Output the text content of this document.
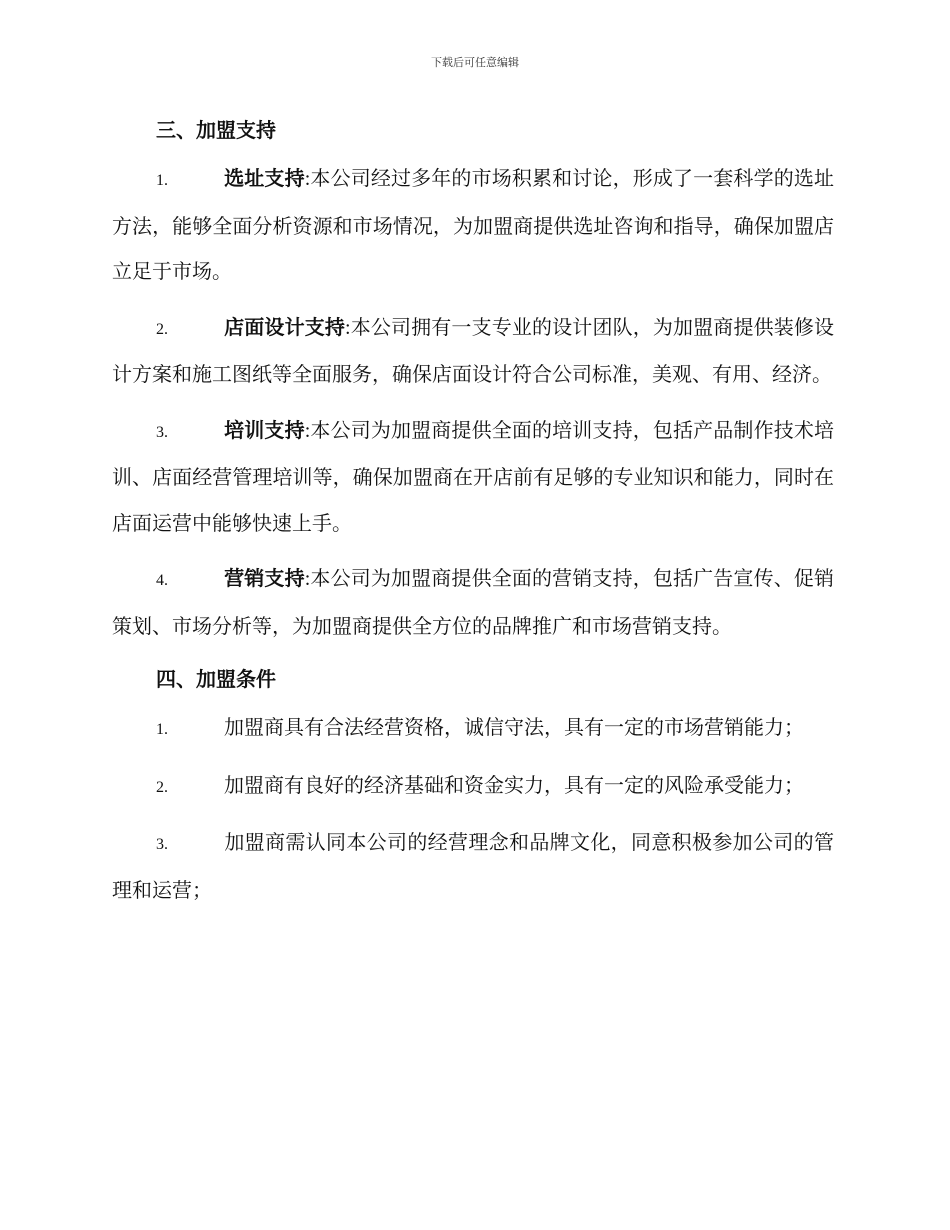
下载后可任意编辑
三、加盟支持

1.	选址支持:本公司经过多年的市场积累和讨论，形成了一套科学的选址方法，能够全面分析资源和市场情况，为加盟商提供选址咨询和指导，确保加盟店立足于市场。

2.	店面设计支持:本公司拥有一支专业的设计团队，为加盟商提供装修设计方案和施工图纸等全面服务，确保店面设计符合公司标准，美观、有用、经济。

3.	培训支持:本公司为加盟商提供全面的培训支持，包括产品制作技术培训、店面经营管理培训等，确保加盟商在开店前有足够的专业知识和能力，同时在店面运营中能够快速上手。

4.	营销支持:本公司为加盟商提供全面的营销支持，包括广告宣传、促销策划、市场分析等，为加盟商提供全方位的品牌推广和市场营销支持。

四、加盟条件

1.	加盟商具有合法经营资格，诚信守法，具有一定的市场营销能力；

2.	加盟商有良好的经济基础和资金实力，具有一定的风险承受能力；

3.	加盟商需认同本公司的经营理念和品牌文化，同意积极参加公司的管理和运营；
